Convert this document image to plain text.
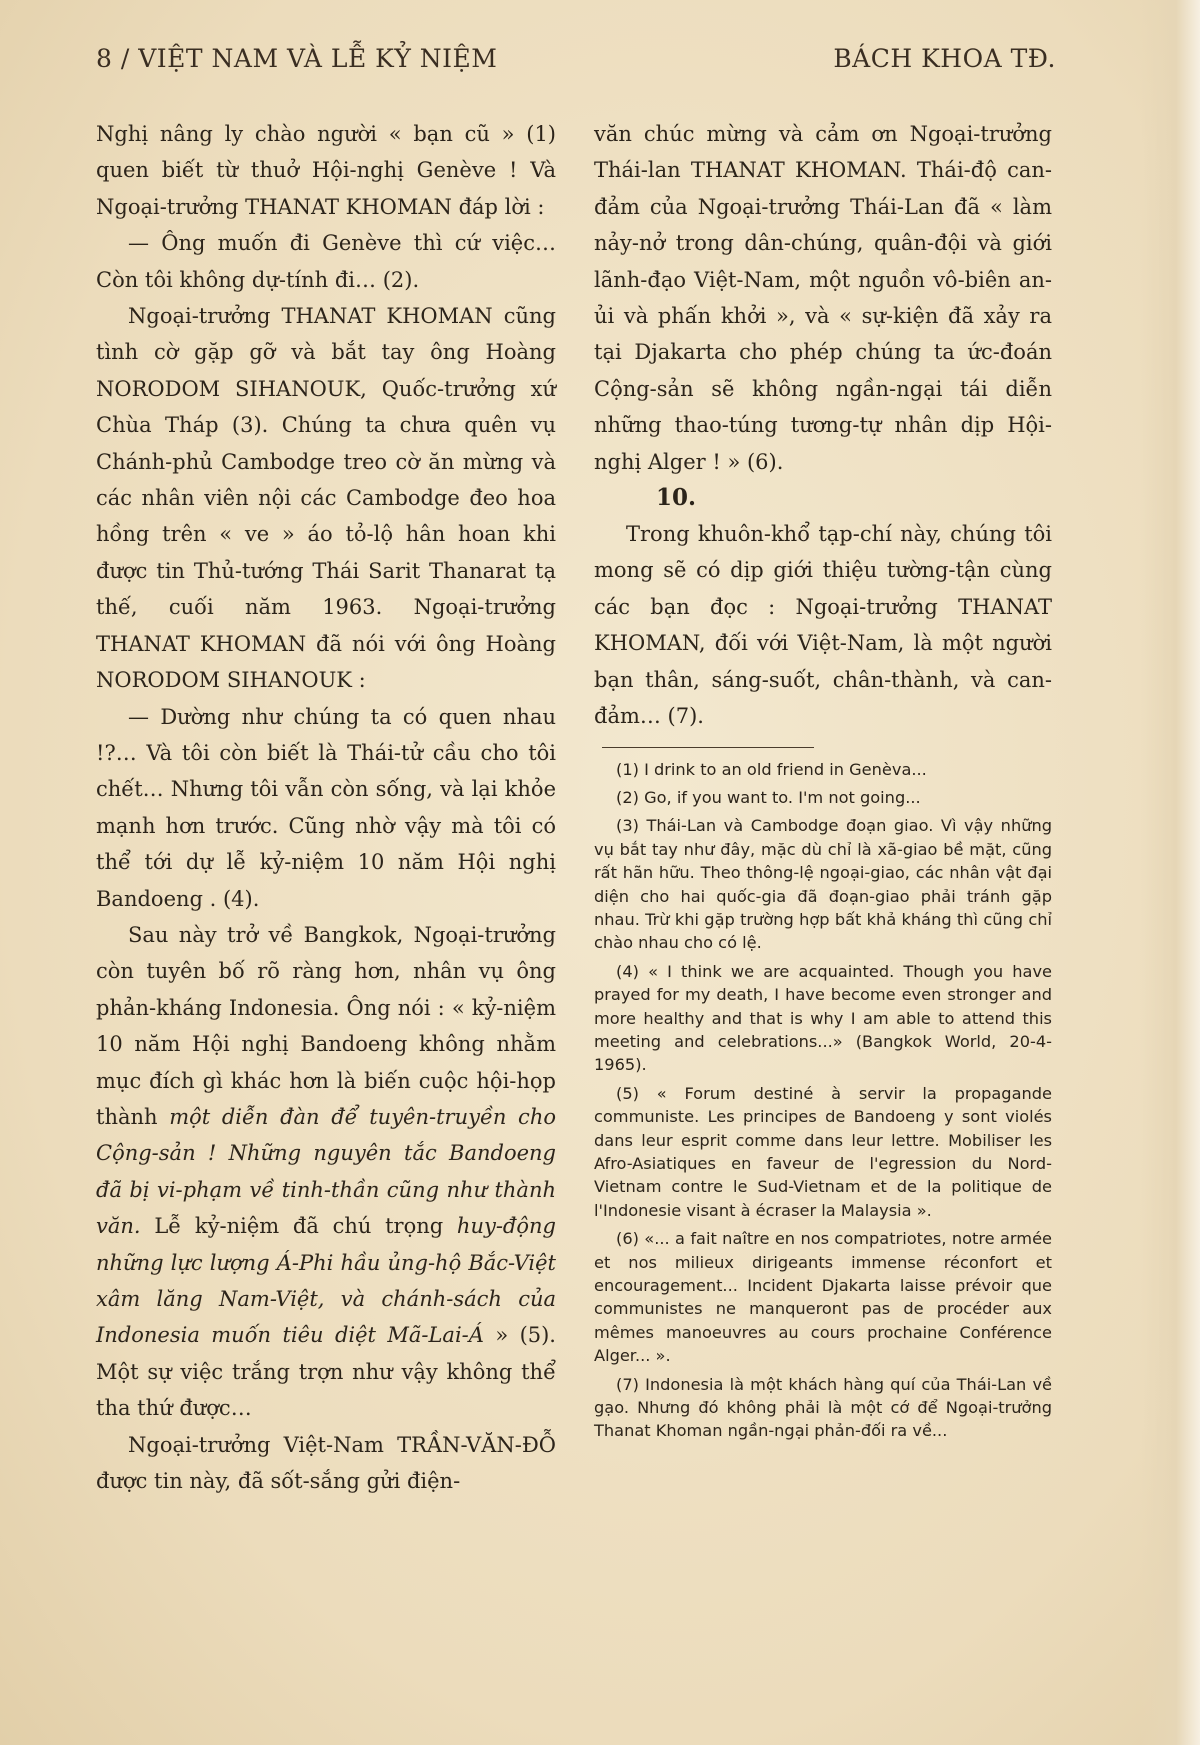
8 / VIỆT NAM VÀ LỄ KỶ NIỆM	BÁCH KHOA TĐ.

Nghị nâng ly chào người « bạn cũ » (1) quen biết từ thuở Hội-nghị Genève ! Và Ngoại-trưởng THANAT KHOMAN đáp lời :

— Ông muốn đi Genève thì cứ việc… Còn tôi không dự-tính đi… (2).

Ngoại-trưởng THANAT KHOMAN cũng tình cờ gặp gỡ và bắt tay ông Hoàng NORODOM SIHANOUK, Quốc-trưởng xứ Chùa Tháp (3). Chúng ta chưa quên vụ Chánh-phủ Cambodge treo cờ ăn mừng và các nhân viên nội các Cambodge đeo hoa hồng trên « ve » áo tỏ-lộ hân hoan khi được tin Thủ-tướng Thái Sarit Thanarat tạ thế, cuối năm 1963. Ngoại-trưởng THANAT KHOMAN đã nói với ông Hoàng NORODOM SIHANOUK :

— Dường như chúng ta có quen nhau !?… Và tôi còn biết là Thái-tử cầu cho tôi chết… Nhưng tôi vẫn còn sống, và lại khỏe mạnh hơn trước. Cũng nhờ vậy mà tôi có thể tới dự lễ kỷ-niệm 10 năm Hội nghị Bandoeng . (4).

Sau này trở về Bangkok, Ngoại-trưởng còn tuyên bố rõ ràng hơn, nhân vụ ông phản-kháng Indonesia. Ông nói : « kỷ-niệm 10 năm Hội nghị Bandoeng không nhằm mục đích gì khác hơn là biến cuộc hội-họp thành một diễn đàn để tuyên-truyền cho Cộng-sản ! Những nguyên tắc Bandoeng đã bị vi-phạm về tinh-thần cũng như thành văn. Lễ kỷ-niệm đã chú trọng huy-động những lực lượng Á-Phi hầu ủng-hộ Bắc-Việt xâm lăng Nam-Việt, và chánh-sách của Indonesia muốn tiêu diệt Mã-Lai-Á » (5). Một sự việc trắng trợn như vậy không thể tha thứ được…

Ngoại-trưởng Việt-Nam TRẦN-VĂN-ĐỖ được tin này, đã sốt-sắng gửi điện-

văn chúc mừng và cảm ơn Ngoại-trưởng Thái-lan THANAT KHOMAN. Thái-độ can-đảm của Ngoại-trưởng Thái-Lan đã « làm nảy-nở trong dân-chúng, quân-đội và giới lãnh-đạo Việt-Nam, một nguồn vô-biên an-ủi và phấn khởi », và « sự-kiện đã xảy ra tại Djakarta cho phép chúng ta ức-đoán Cộng-sản sẽ không ngần-ngại tái diễn những thao-túng tương-tự nhân dịp Hội-nghị Alger ! » (6).

10.

Trong khuôn-khổ tạp-chí này, chúng tôi mong sẽ có dịp giới thiệu tường-tận cùng các bạn đọc : Ngoại-trưởng THANAT KHOMAN, đối với Việt-Nam, là một người bạn thân, sáng-suốt, chân-thành, và can-đảm… (7).

(1) I drink to an old friend in Genèva...

(2) Go, if you want to. I'm not going...

(3) Thái-Lan và Cambodge đoạn giao. Vì vậy những vụ bắt tay như đây, mặc dù chỉ là xã-giao bề mặt, cũng rất hãn hữu. Theo thông-lệ ngoại-giao, các nhân vật đại diện cho hai quốc-gia đã đoạn-giao phải tránh gặp nhau. Trừ khi gặp trường hợp bất khả kháng thì cũng chỉ chào nhau cho có lệ.

(4) « I think we are acquainted. Though you have prayed for my death, I have become even stronger and more healthy and that is why I am able to attend this meeting and celebrations...» (Bangkok World, 20-4-1965).

(5) « Forum destiné à servir la propagande communiste. Les principes de Bandoeng y sont violés dans leur esprit comme dans leur lettre. Mobiliser les Afro-Asiatiques en faveur de l'egression du Nord-Vietnam contre le Sud-Vietnam et de la politique de l'Indonesie visant à écraser la Malaysia ».

(6) «... a fait naître en nos compatriotes, notre armée et nos milieux dirigeants immense réconfort et encouragement... Incident Djakarta laisse prévoir que communistes ne manqueront pas de procéder aux mêmes manoeuvres au cours prochaine Conférence Alger... ».

(7) Indonesia là một khách hàng quí của Thái-Lan về gạo. Nhưng đó không phải là một cớ để Ngoại-trưởng Thanat Khoman ngần-ngại phản-đối ra về...
